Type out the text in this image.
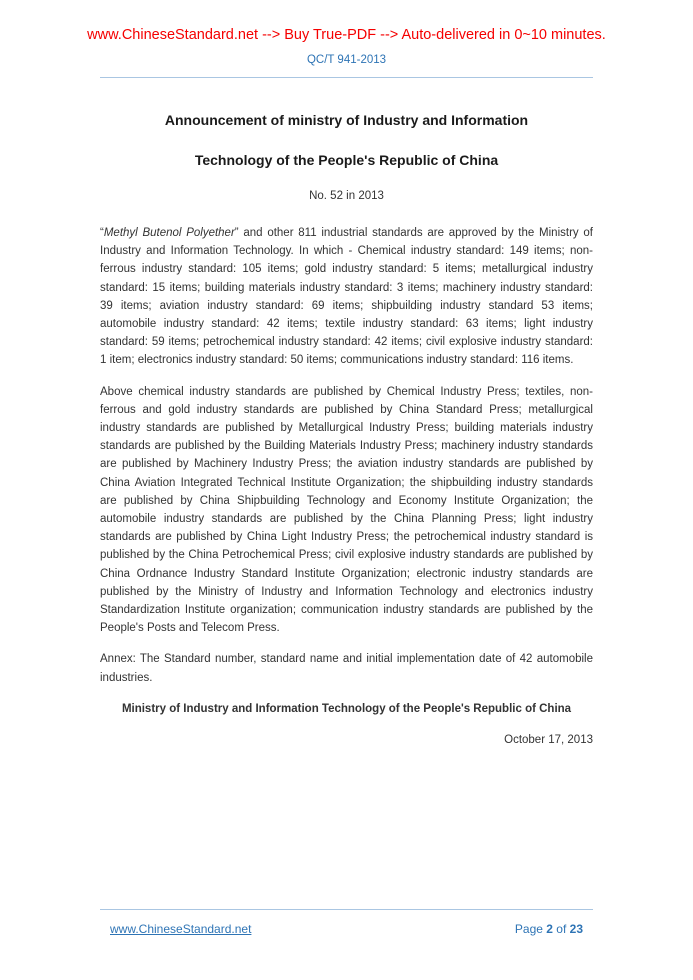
www.ChineseStandard.net --> Buy True-PDF --> Auto-delivered in 0~10 minutes.
QC/T 941-2013
Announcement of ministry of Industry and Information
Technology of the People's Republic of China
No. 52 in 2013

“Methyl Butenol Polyether” and other 811 industrial standards are approved by the Ministry of Industry and Information Technology. In which - Chemical industry standard: 149 items; non-ferrous industry standard: 105 items; gold industry standard: 5 items; metallurgical industry standard: 15 items; building materials industry standard: 3 items; machinery industry standard: 39 items; aviation industry standard: 69 items; shipbuilding industry standard 53 items; automobile industry standard: 42 items; textile industry standard: 63 items; light industry standard: 59 items; petrochemical industry standard: 42 items; civil explosive industry standard: 1 item; electronics industry standard: 50 items; communications industry standard: 116 items.

Above chemical industry standards are published by Chemical Industry Press; textiles, non-ferrous and gold industry standards are published by China Standard Press; metallurgical industry standards are published by Metallurgical Industry Press; building materials industry standards are published by the Building Materials Industry Press; machinery industry standards are published by Machinery Industry Press; the aviation industry standards are published by China Aviation Integrated Technical Institute Organization; the shipbuilding industry standards are published by China Shipbuilding Technology and Economy Institute Organization; the automobile industry standards are published by the China Planning Press; light industry standards are published by China Light Industry Press; the petrochemical industry standard is published by the China Petrochemical Press; civil explosive industry standards are published by China Ordnance Industry Standard Institute Organization; electronic industry standards are published by the Ministry of Industry and Information Technology and electronics industry Standardization Institute organization; communication industry standards are published by the People's Posts and Telecom Press.

Annex: The Standard number, standard name and initial implementation date of 42 automobile industries.

Ministry of Industry and Information Technology of the People's Republic of China

October 17, 2013

www.ChineseStandard.net	Page 2 of 23
